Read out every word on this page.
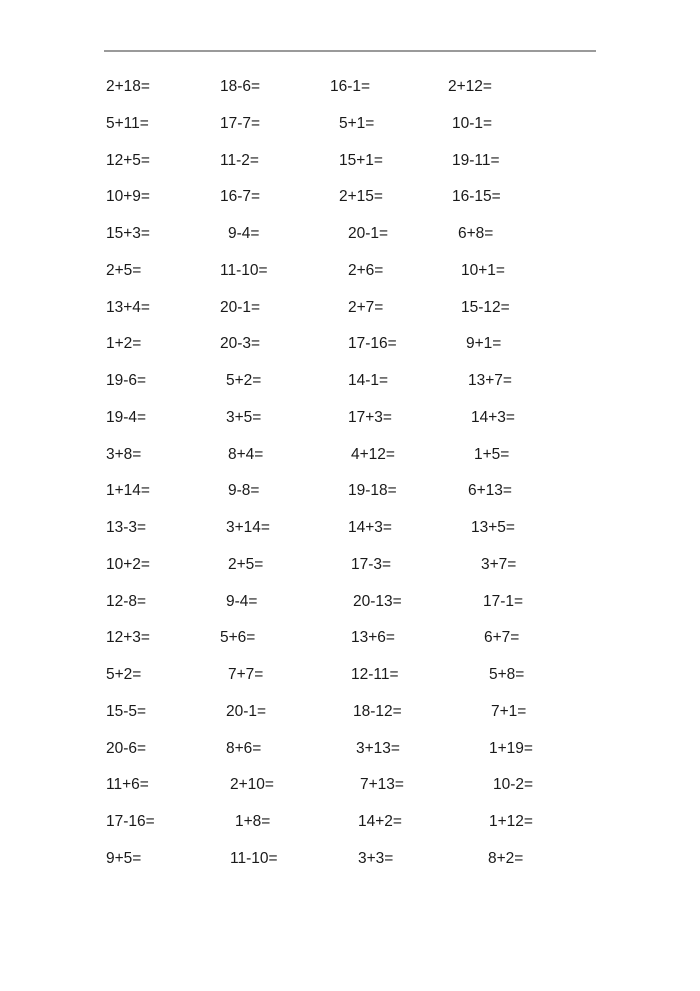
2+18=	18-6=	16-1=	2+12=
5+11=	17-7=	5+1=	10-1=
12+5=	11-2=	15+1=	19-11=
10+9=	16-7=	2+15=	16-15=
15+3=	9-4=	20-1=	6+8=
2+5=	11-10=	2+6=	10+1=
13+4=	20-1=	2+7=	15-12=
1+2=	20-3=	17-16=	9+1=
19-6=	5+2=	14-1=	13+7=
19-4=	3+5=	17+3=	14+3=
3+8=	8+4=	4+12=	1+5=
1+14=	9-8=	19-18=	6+13=
13-3=	3+14=	14+3=	13+5=
10+2=	2+5=	17-3=	3+7=
12-8=	9-4=	20-13=	17-1=
12+3=	5+6=	13+6=	6+7=
5+2=	7+7=	12-11=	5+8=
15-5=	20-1=	18-12=	7+1=
20-6=	8+6=	3+13=	1+19=
11+6=	2+10=	7+13=	10-2=
17-16=	1+8=	14+2=	1+12=
9+5=	11-10=	3+3=	8+2=
